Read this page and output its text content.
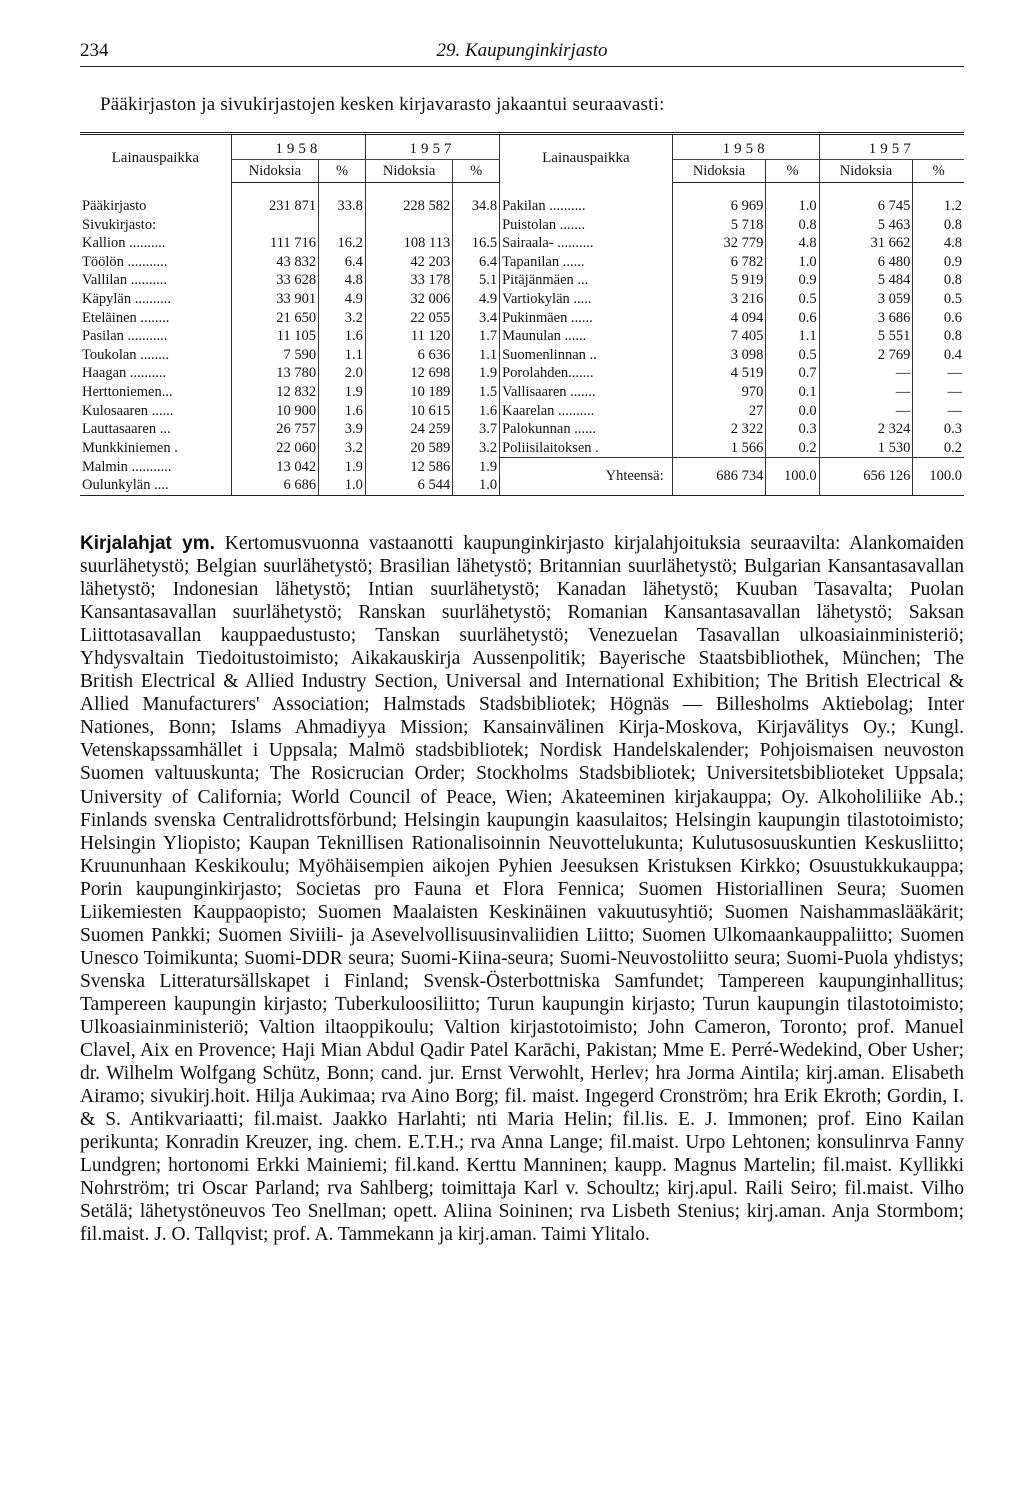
234	29. Kaupunginkirjasto
Pääkirjaston ja sivukirjastojen kesken kirjavarasto jakaantui seuraavasti:
Lainauspaikka	1958		1957		Lainauspaikka	1958		1957	
	Nidoksia	%	Nidoksia	%		Nidoksia	%	Nidoksia	%

Pääkirjasto	231 871	33.8	228 582	34.8	Pakilan ..........	6 969	1.0	6 745	1.2
Sivukirjasto:					Puistolan .......	5 718	0.8	5 463	0.8
Kallion ..........	111 716	16.2	108 113	16.5	Sairaala- ..........	32 779	4.8	31 662	4.8
Töölön ...........	43 832	6.4	42 203	6.4	Tapanilan ......	6 782	1.0	6 480	0.9
Vallilan ..........	33 628	4.8	33 178	5.1	Pitäjänmäen ...	5 919	0.9	5 484	0.8
Käpylän ..........	33 901	4.9	32 006	4.9	Vartiokylän .....	3 216	0.5	3 059	0.5
Eteläinen ........	21 650	3.2	22 055	3.4	Pukinmäen ......	4 094	0.6	3 686	0.6
Pasilan ...........	11 105	1.6	11 120	1.7	Maunulan ......	7 405	1.1	5 551	0.8
Toukolan ........	7 590	1.1	6 636	1.1	Suomenlinnan ..	3 098	0.5	2 769	0.4
Haagan ..........	13 780	2.0	12 698	1.9	Porolahden.......	4 519	0.7	—	—
Herttoniemen...	12 832	1.9	10 189	1.5	Vallisaaren .......	970	0.1	—	—
Kulosaaren ......	10 900	1.6	10 615	1.6	Kaarelan ..........	27	0.0	—	—
Lauttasaaren ...	26 757	3.9	24 259	3.7	Palokunnan ......	2 322	0.3	2 324	0.3
Munkkiniemen .	22 060	3.2	20 589	3.2	Poliisilaitoksen .	1 566	0.2	1 530	0.2
Malmin ...........	13 042	1.9	12 586	1.9	Yhteensä:	686 734	100.0	656 126	100.0
Oulunkylän ....	6 686	1.0	6 544	1.0					
Kirjalahjat ym. Kertomusvuonna vastaanotti kaupunginkirjasto kirjalahjoituksia seuraavilta: Alankomaiden suurlähetystö; Belgian suurlähetystö; Brasilian lähetystö; Britannian suurlähetystö; Bulgarian Kansantasavallan lähetystö; Indonesian lähetystö; Intian suurlähetystö; Kanadan lähetystö; Kuuban Tasavalta; Puolan Kansantasavallan suurlähetystö; Ranskan suurlähetystö; Romanian Kansantasavallan lähetystö; Saksan Liittotasavallan kauppaedustusto; Tanskan suurlähetystö; Venezuelan Tasavallan ulkoasiainministeriö; Yhdysvaltain Tiedoitustoimisto; Aikakauskirja Aussenpolitik; Bayerische Staatsbibliothek, München; The British Electrical & Allied Industry Section, Universal and International Exhibition; The British Electrical & Allied Manufacturers' Association; Halmstads Stadsbibliotek; Högnäs — Billesholms Aktiebolag; Inter Nationes, Bonn; Islams Ahmadiyya Mission; Kansainvälinen Kirja-Moskova, Kirjavälitys Oy.; Kungl. Vetenskapssamhället i Uppsala; Malmö stadsbibliotek; Nordisk Handelskalender; Pohjoismaisen neuvoston Suomen valtuuskunta; The Rosicrucian Order; Stockholms Stadsbibliotek; Universitetsbiblioteket Uppsala; University of California; World Council of Peace, Wien; Akateeminen kirjakauppa; Oy. Alkoholiliike Ab.; Finlands svenska Centralidrottsförbund; Helsingin kaupungin kaasulaitos; Helsingin kaupungin tilastotoimisto; Helsingin Yliopisto; Kaupan Teknillisen Rationalisoinnin Neuvottelukunta; Kulutusosuuskuntien Keskusliitto; Kruununhaan Keskikoulu; Myöhäisempien aikojen Pyhien Jeesuksen Kristuksen Kirkko; Osuustukkukauppa; Porin kaupunginkirjasto; Societas pro Fauna et Flora Fennica; Suomen Historiallinen Seura; Suomen Liikemiesten Kauppaopisto; Suomen Maalaisten Keskinäinen vakuutusyhtiö; Suomen Naishammaslääkärit; Suomen Pankki; Suomen Siviili- ja Asevelvollisuusinvaliidien Liitto; Suomen Ulkomaankauppaliitto; Suomen Unesco Toimikunta; Suomi-DDR seura; Suomi-Kiina-seura; Suomi-Neuvostoliitto seura; Suomi-Puola yhdistys; Svenska Litteratursällskapet i Finland; Svensk-Österbottniska Samfundet; Tampereen kaupunginhallitus; Tampereen kaupungin kirjasto; Tuberkuloosiliitto; Turun kaupungin kirjasto; Turun kaupungin tilastotoimisto; Ulkoasiainministeriö; Valtion iltaoppikoulu; Valtion kirjastotoimisto; John Cameron, Toronto; prof. Manuel Clavel, Aix en Provence; Haji Mian Abdul Qadir Patel Karāchi, Pakistan; Mme E. Perré-Wedekind, Ober Usher; dr. Wilhelm Wolfgang Schütz, Bonn; cand. jur. Ernst Verwohlt, Herlev; hra Jorma Aintila; kirj.aman. Elisabeth Airamo; sivukirj.hoit. Hilja Aukimaa; rva Aino Borg; fil. maist. Ingegerd Cronström; hra Erik Ekroth; Gordin, I. & S. Antikvariaatti; fil.maist. Jaakko Harlahti; nti Maria Helin; fil.lis. E. J. Immonen; prof. Eino Kailan perikunta; Konradin Kreuzer, ing. chem. E.T.H.; rva Anna Lange; fil.maist. Urpo Lehtonen; konsulinrva Fanny Lundgren; hortonomi Erkki Mainiemi; fil.kand. Kerttu Manninen; kaupp. Magnus Martelin; fil.maist. Kyllikki Nohrström; tri Oscar Parland; rva Sahlberg; toimittaja Karl v. Schoultz; kirj.apul. Raili Seiro; fil.maist. Vilho Setälä; lähetystöneuvos Teo Snellman; opett. Aliina Soininen; rva Lisbeth Stenius; kirj.aman. Anja Stormbom; fil.maist. J. O. Tallqvist; prof. A. Tammekann ja kirj.aman. Taimi Ylitalo.
